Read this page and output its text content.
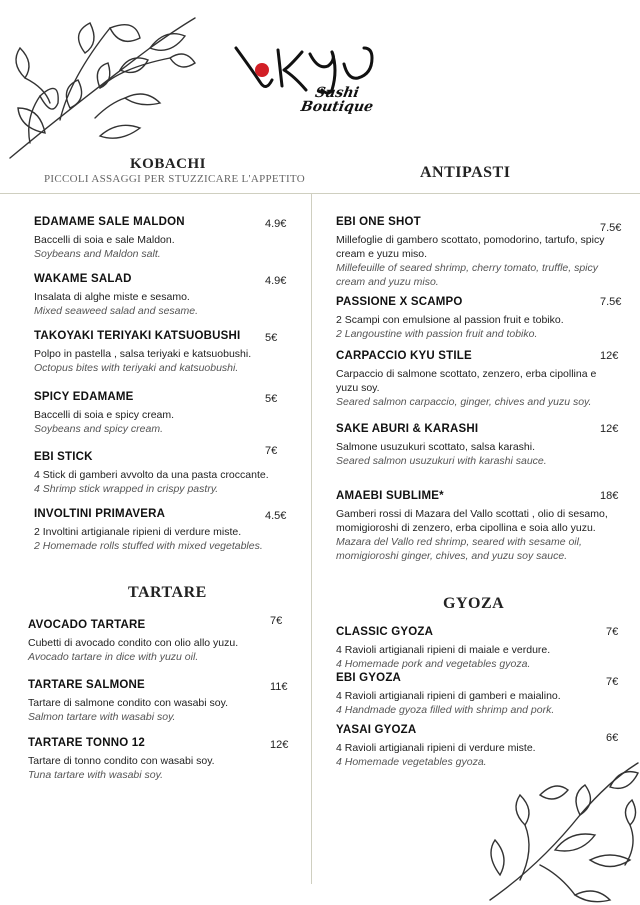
Sushi
Boutique
KOBACHI
PICCOLI ASSAGGI PER STUZZICARE L'APPETITO	ANTIPASTI
TARTARE
GYOZA
EDAMAME SALE MALDON
Baccelli di soia e sale Maldon.
Soybeans and Maldon salt.
4.9€
WAKAME SALAD
Insalata di alghe miste e sesamo.
Mixed seaweed salad and sesame.
4.9€
TAKOYAKI TERIYAKI KATSUOBUSHI
Polpo in pastella , salsa teriyaki e katsuobushi.
Octopus bites with teriyaki and katsuobushi.
5€
SPICY EDAMAME
Baccelli di soia e spicy cream.
Soybeans and spicy cream.
5€
EBI STICK
4 Stick di gamberi avvolto da una pasta croccante.
4 Shrimp stick wrapped in crispy pastry.
7€
INVOLTINI PRIMAVERA
2 Involtini artigianale ripieni di verdure miste.
2 Homemade rolls stuffed with mixed vegetables.
4.5€
AVOCADO TARTARE
Cubetti di avocado condito con olio allo yuzu.
Avocado tartare in dice with yuzu oil.
7€
TARTARE SALMONE
Tartare di salmone condito con wasabi soy.
Salmon tartare with wasabi soy.
11€
TARTARE TONNO 12
Tartare di tonno condito con wasabi soy.
Tuna tartare with wasabi soy.
12€
EBI ONE SHOT
Millefoglie di gambero scottato, pomodorino, tartufo, spicy cream e yuzu miso.
Millefeuille of seared shrimp, cherry tomato, truffle, spicy cream and yuzu miso.
7.5€
PASSIONE X SCAMPO
2 Scampi con emulsione al passion fruit e tobiko.
2 Langoustine with passion fruit and tobiko.
7.5€
CARPACCIO KYU STILE
Carpaccio di salmone scottato, zenzero, erba cipollina e yuzu soy.
Seared salmon carpaccio, ginger, chives and yuzu soy.
12€
SAKE ABURI & KARASHI
Salmone usuzukuri scottato, salsa karashi.
Seared salmon usuzukuri with karashi sauce.
12€
AMAEBI SUBLIME*
Gamberi rossi di Mazara del Vallo scottati , olio di sesamo, momigioroshi di zenzero, erba cipollina e soia allo yuzu.
Mazara del Vallo red shrimp, seared with sesame oil, momigioroshi ginger, chives, and yuzu soy sauce.
18€
CLASSIC GYOZA
4 Ravioli artigianali ripieni di maiale e verdure.
4 Homemade pork and vegetables gyoza.
7€
EBI GYOZA
4 Ravioli artigianali ripieni di gamberi e maialino.
4 Handmade gyoza filled with shrimp and pork.
7€
YASAI GYOZA
4 Ravioli artigianali ripieni di verdure miste.
4 Homemade vegetables gyoza.
6€
